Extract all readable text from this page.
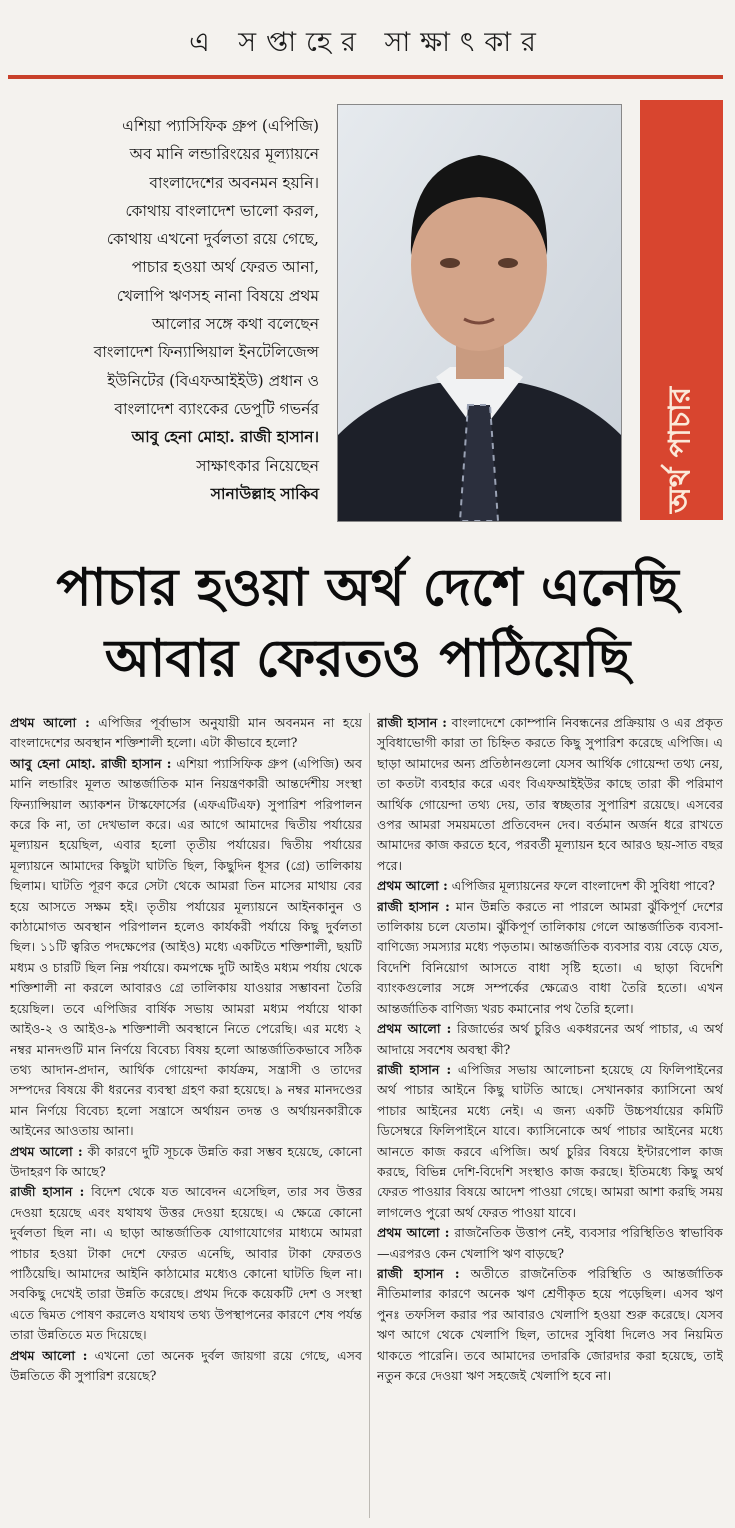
এ সপ্তাহের সাক্ষাৎকার

এশিয়া প্যাসিফিক গ্রুপ (এপিজি)

অব মানি লন্ডারিংয়ের মূল্যায়নে

বাংলাদেশের অবনমন হয়নি।

কোথায় বাংলাদেশ ভালো করল,

কোথায় এখনো দুর্বলতা রয়ে গেছে,

পাচার হওয়া অর্থ ফেরত আনা,

খেলাপি ঋণসহ নানা বিষয়ে প্রথম

আলোর সঙ্গে কথা বলেছেন

বাংলাদেশ ফিন্যান্সিয়াল ইনটেলিজেন্স

ইউনিটের (বিএফআইইউ) প্রধান ও

বাংলাদেশ ব্যাংকের ডেপুটি গভর্নর

আবু হেনা মোহা. রাজী হাসান।

সাক্ষাৎকার নিয়েছেন

সানাউল্লাহ সাকিব	অর্থ পাচার
পাচার হওয়া অর্থ দেশে এনেছি
আবার ফেরতও পাঠিয়েছি

প্রথম আলো : এপিজির পূর্বাভাস অনুযায়ী মান অবনমন না হয়ে বাংলাদেশের অবস্থান শক্তিশালী হলো। এটা কীভাবে হলো?

আবু হেনা মোহা. রাজী হাসান : এশিয়া প্যাসিফিক গ্রুপ (এপিজি) অব মানি লন্ডারিং মূলত আন্তর্জাতিক মান নিয়ন্ত্রণকারী আন্তর্দেশীয় সংস্থা ফিন্যান্সিয়াল অ্যাকশন টাস্কফোর্সের (এফএটিএফ) সুপারিশ পরিপালন করে কি না, তা দেখভাল করে। এর আগে আমাদের দ্বিতীয় পর্যায়ের মূল্যায়ন হয়েছিল, এবার হলো তৃতীয় পর্যায়ের। দ্বিতীয় পর্যায়ের মূল্যায়নে আমাদের কিছুটা ঘাটতি ছিল, কিছুদিন ধূসর (গ্রে) তালিকায় ছিলাম। ঘাটতি পূরণ করে সেটা থেকে আমরা তিন মাসের মাথায় বের হয়ে আসতে সক্ষম হই। তৃতীয় পর্যায়ের মূল্যায়নে আইনকানুন ও কাঠামোগত অবস্থান পরিপালন হলেও কার্যকরী পর্যায়ে কিছু দুর্বলতা ছিল। ১১টি ত্বরিত পদক্ষেপের (আইও) মধ্যে একটিতে শক্তিশালী, ছয়টি মধ্যম ও চারটি ছিল নিম্ন পর্যায়ে। কমপক্ষে দুটি আইও মধ্যম পর্যায় থেকে শক্তিশালী না করলে আবারও গ্রে তালিকায় যাওয়ার সম্ভাবনা তৈরি হয়েছিল। তবে এপিজির বার্ষিক সভায় আমরা মধ্যম পর্যায়ে থাকা আইও-২ ও আইও-৯ শক্তিশালী অবস্থানে নিতে পেরেছি। এর মধ্যে ২ নম্বর মানদণ্ডটি মান নির্ণয়ে বিবেচ্য বিষয় হলো আন্তর্জাতিকভাবে সঠিক তথ্য আদান-প্রদান, আর্থিক গোয়েন্দা কার্যক্রম, সন্ত্রাসী ও তাদের সম্পদের বিষয়ে কী ধরনের ব্যবস্থা গ্রহণ করা হয়েছে। ৯ নম্বর মানদণ্ডের মান নির্ণয়ে বিবেচ্য হলো সন্ত্রাসে অর্থায়ন তদন্ত ও অর্থায়নকারীকে আইনের আওতায় আনা।

প্রথম আলো : কী কারণে দুটি সূচকে উন্নতি করা সম্ভব হয়েছে, কোনো উদাহরণ কি আছে?

রাজী হাসান : বিদেশ থেকে যত আবেদন এসেছিল, তার সব উত্তর দেওয়া হয়েছে এবং যথাযথ উত্তর দেওয়া হয়েছে। এ ক্ষেত্রে কোনো দুর্বলতা ছিল না। এ ছাড়া আন্তর্জাতিক যোগাযোগের মাধ্যমে আমরা পাচার হওয়া টাকা দেশে ফেরত এনেছি, আবার টাকা ফেরতও পাঠিয়েছি। আমাদের আইনি কাঠামোর মধ্যেও কোনো ঘাটতি ছিল না। সবকিছু দেখেই তারা উন্নতি করেছে। প্রথম দিকে কয়েকটি দেশ ও সংস্থা এতে দ্বিমত পোষণ করলেও যথাযথ তথ্য উপস্থাপনের কারণে শেষ পর্যন্ত তারা উন্নতিতে মত দিয়েছে।

প্রথম আলো : এখনো তো অনেক দুর্বল জায়গা রয়ে গেছে, এসব উন্নতিতে কী সুপারিশ রয়েছে?

রাজী হাসান : বাংলাদেশে কোম্পানি নিবন্ধনের প্রক্রিয়ায় ও এর প্রকৃত সুবিধাভোগী কারা তা চিহ্নিত করতে কিছু সুপারিশ করেছে এপিজি। এ ছাড়া আমাদের অন্য প্রতিষ্ঠানগুলো যেসব আর্থিক গোয়েন্দা তথ্য নেয়, তা কতটা ব্যবহার করে এবং বিএফআইইউর কাছে তারা কী পরিমাণ আর্থিক গোয়েন্দা তথ্য দেয়, তার স্বচ্ছতার সুপারিশ রয়েছে। এসবের ওপর আমরা সময়মতো প্রতিবেদন দেব। বর্তমান অর্জন ধরে রাখতে আমাদের কাজ করতে হবে, পরবর্তী মূল্যায়ন হবে আরও ছয়-সাত বছর পরে।

প্রথম আলো : এপিজির মূল্যায়নের ফলে বাংলাদেশ কী সুবিধা পাবে?

রাজী হাসান : মান উন্নতি করতে না পারলে আমরা ঝুঁকিপূর্ণ দেশের তালিকায় চলে যেতাম। ঝুঁকিপূর্ণ তালিকায় গেলে আন্তর্জাতিক ব্যবসা-বাণিজ্যে সমস্যার মধ্যে পড়তাম। আন্তর্জাতিক ব্যবসার ব্যয় বেড়ে যেত, বিদেশি বিনিয়োগ আসতে বাধা সৃষ্টি হতো। এ ছাড়া বিদেশি ব্যাংকগুলোর সঙ্গে সম্পর্কের ক্ষেত্রেও বাধা তৈরি হতো। এখন আন্তর্জাতিক বাণিজ্য খরচ কমানোর পথ তৈরি হলো।

প্রথম আলো : রিজার্ভের অর্থ চুরিও একধরনের অর্থ পাচার, এ অর্থ আদায়ে সবশেষ অবস্থা কী?

রাজী হাসান : এপিজির সভায় আলোচনা হয়েছে যে ফিলিপাইনের অর্থ পাচার আইনে কিছু ঘাটতি আছে। সেখানকার ক্যাসিনো অর্থ পাচার আইনের মধ্যে নেই। এ জন্য একটি উচ্চপর্যায়ের কমিটি ডিসেম্বরে ফিলিপাইনে যাবে। ক্যাসিনোকে অর্থ পাচার আইনের মধ্যে আনতে কাজ করবে এপিজি। অর্থ চুরির বিষয়ে ইন্টারপোল কাজ করছে, বিভিন্ন দেশি-বিদেশি সংস্থাও কাজ করছে। ইতিমধ্যে কিছু অর্থ ফেরত পাওয়ার বিষয়ে আদেশ পাওয়া গেছে। আমরা আশা করছি সময় লাগলেও পুরো অর্থ ফেরত পাওয়া যাবে।

প্রথম আলো : রাজনৈতিক উত্তাপ নেই, ব্যবসার পরিস্থিতিও স্বাভাবিক—এরপরও কেন খেলাপি ঋণ বাড়ছে?

রাজী হাসান : অতীতে রাজনৈতিক পরিস্থিতি ও আন্তর্জাতিক নীতিমালার কারণে অনেক ঋণ শ্রেণীকৃত হয়ে পড়েছিল। এসব ঋণ পুনঃ তফসিল করার পর আবারও খেলাপি হওয়া শুরু করেছে। যেসব ঋণ আগে থেকে খেলাপি ছিল, তাদের সুবিধা দিলেও সব নিয়মিত থাকতে পারেনি। তবে আমাদের তদারকি জোরদার করা হয়েছে, তাই নতুন করে দেওয়া ঋণ সহজেই খেলাপি হবে না।
